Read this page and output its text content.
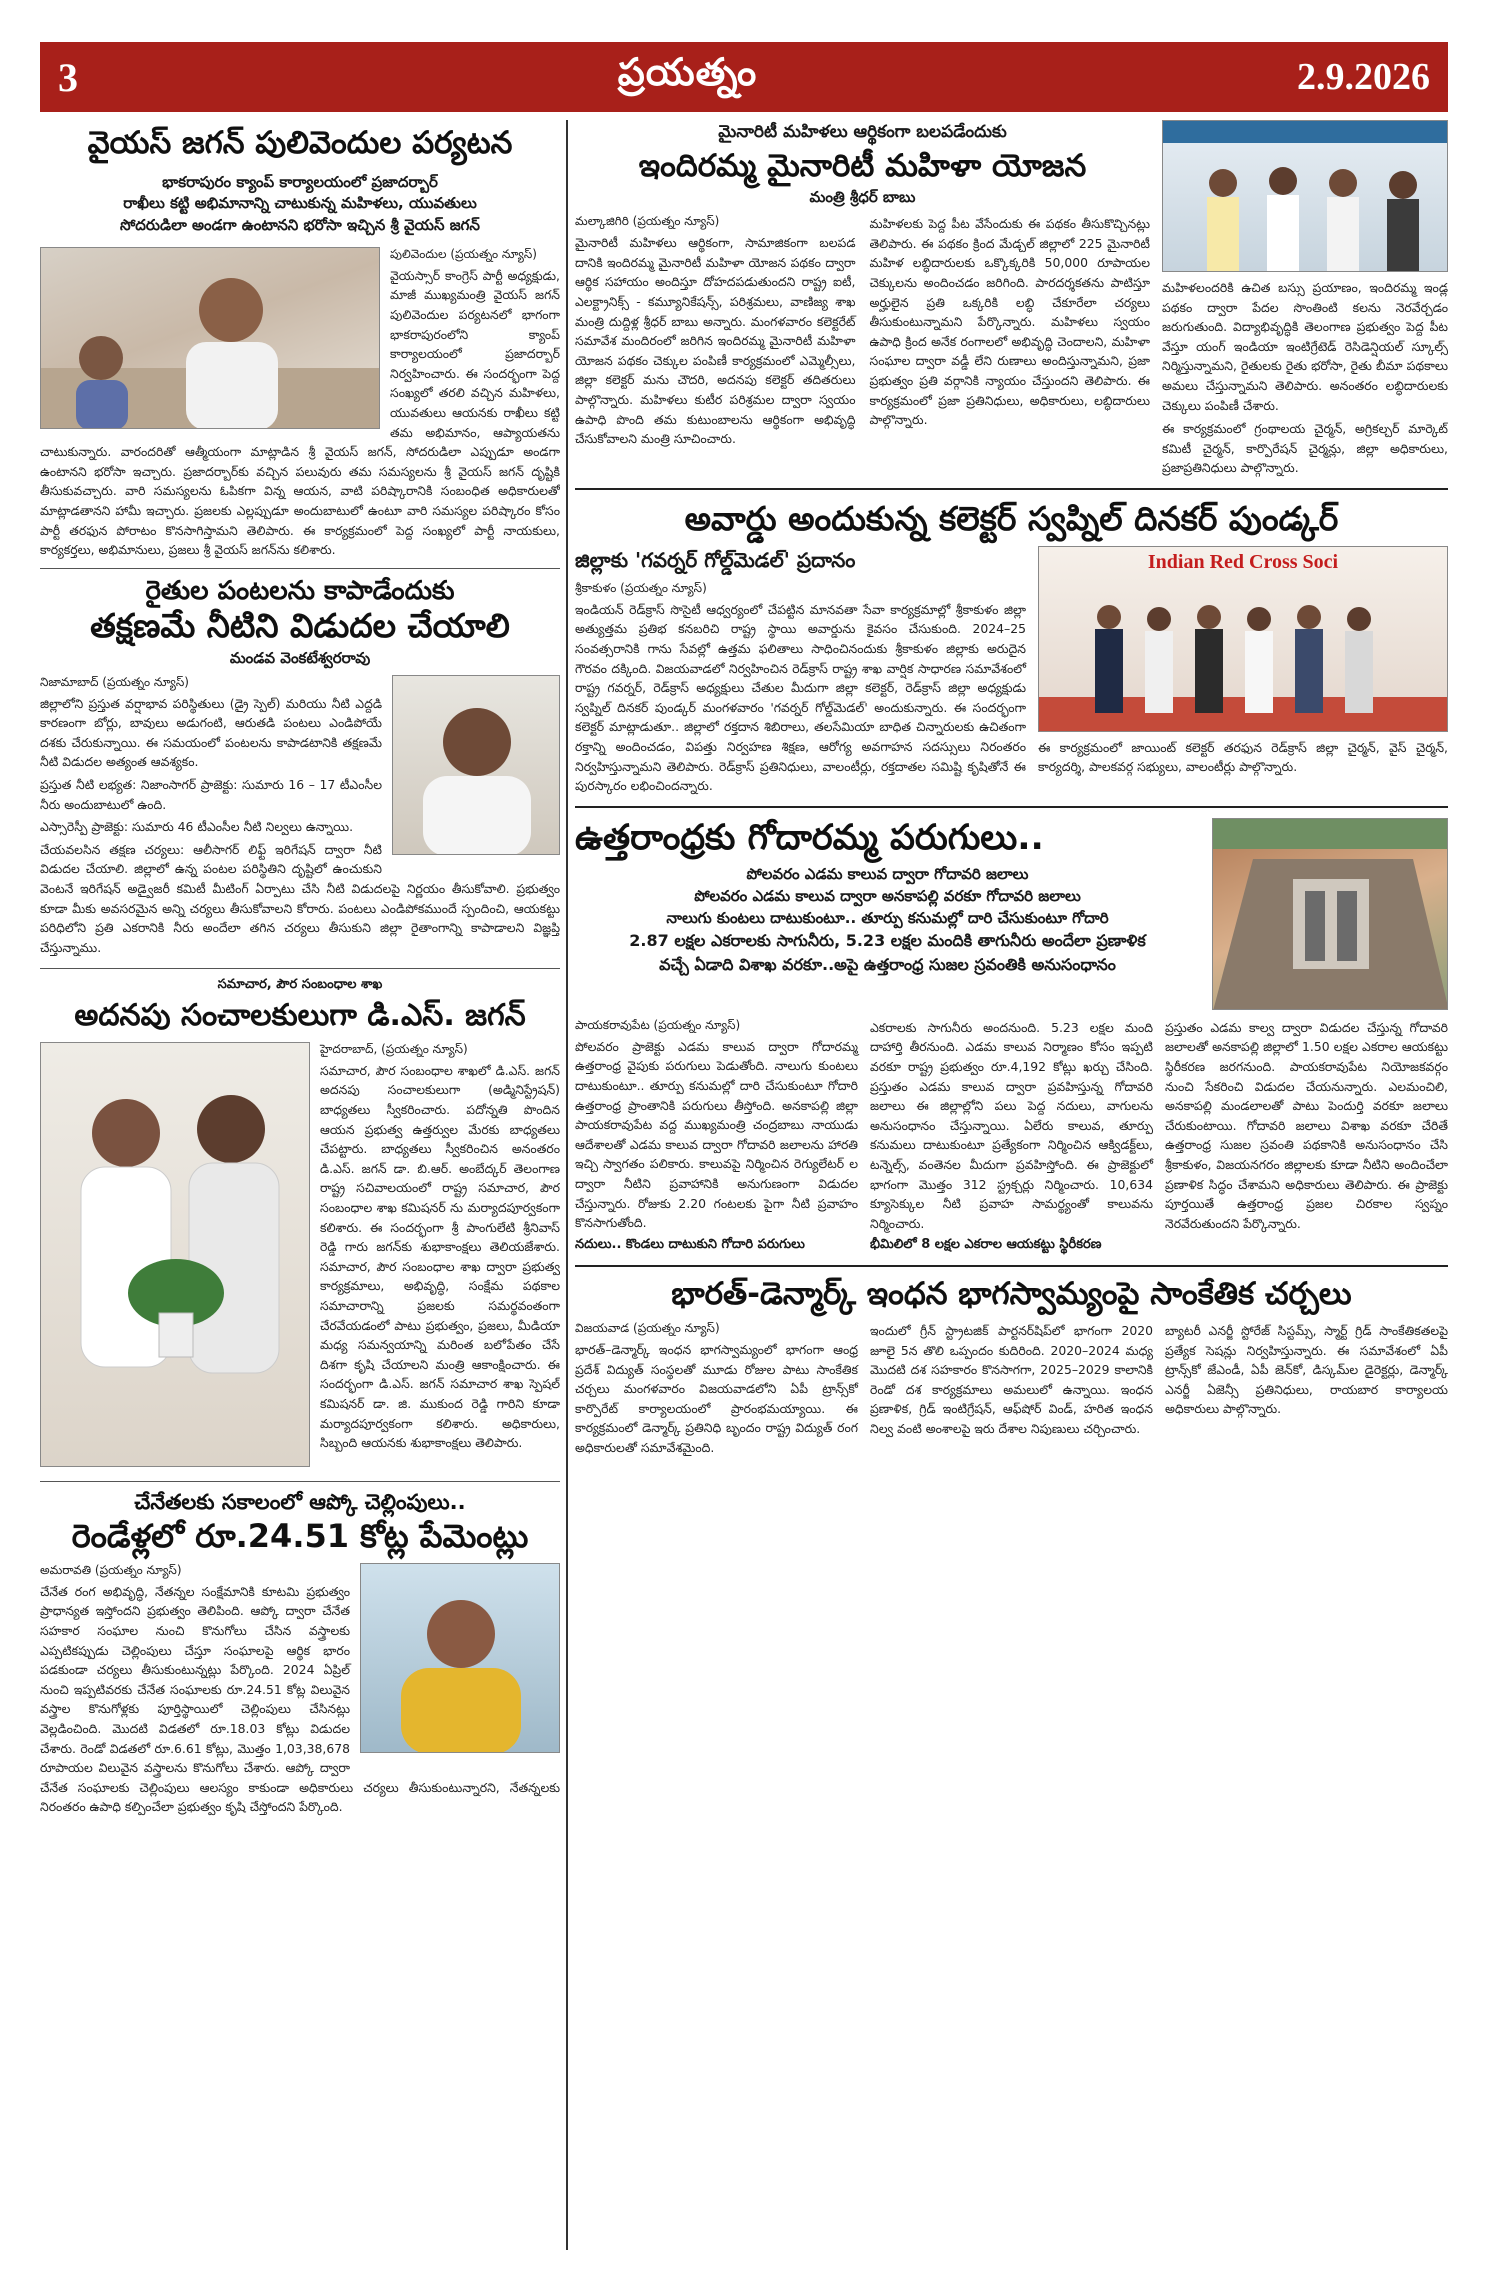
3	ప్రయత్నం	2.9.2026
వైయస్ జగన్ పులివెందుల పర్యటన
భాకరాపురం క్యాంప్ కార్యాలయంలో ప్రజాదర్బార్
రాఖీలు కట్టి అభిమానాన్ని చాటుకున్న మహిళలు, యువతులు
సోదరుడిలా అండగా ఉంటానని భరోసా ఇచ్చిన శ్రీ వైయస్ జగన్
పులివెందుల (ప్రయత్నం న్యూస్)
వైయస్సార్ కాంగ్రెస్ పార్టీ అధ్యక్షుడు, మాజీ ముఖ్యమంత్రి వైయస్ జగన్ పులివెందుల పర్యటనలో భాగంగా భాకరాపురంలోని క్యాంప్ కార్యాలయంలో ప్రజాదర్బార్ నిర్వహించారు. ఈ సందర్భంగా పెద్ద సంఖ్యలో తరలి వచ్చిన మహిళలు, యువతులు ఆయనకు రాఖీలు కట్టి తమ అభిమానం, ఆప్యాయతను చాటుకున్నారు. వారందరితో ఆత్మీయంగా మాట్లాడిన శ్రీ వైయస్ జగన్, సోదరుడిలా ఎప్పుడూ అండగా ఉంటానని భరోసా ఇచ్చారు. ప్రజాదర్బార్‌కు వచ్చిన పలువురు తమ సమస్యలను శ్రీ వైయస్ జగన్ దృష్టికి తీసుకువచ్చారు. వారి సమస్యలను ఓపికగా విన్న ఆయన, వాటి పరిష్కారానికి సంబంధిత అధికారులతో మాట్లాడతానని హామీ ఇచ్చారు. ప్రజలకు ఎల్లప్పుడూ అందుబాటులో ఉంటూ వారి సమస్యల పరిష్కారం కోసం పార్టీ తరఫున పోరాటం కొనసాగిస్తామని తెలిపారు. ఈ కార్యక్రమంలో పెద్ద సంఖ్యలో పార్టీ నాయకులు, కార్యకర్తలు, అభిమానులు, ప్రజలు శ్రీ వైయస్ జగన్‌ను కలిశారు.
రైతుల పంటలను కాపాడేందుకు
తక్షణమే నీటిని విడుదల చేయాలి
మండవ వెంకటేశ్వరరావు
నిజామాబాద్ (ప్రయత్నం న్యూస్)

జిల్లాలోని ప్రస్తుత వర్షాభావ పరిస్థితులు (డ్రై స్పెల్) మరియు నీటి ఎద్దడి కారణంగా బోర్లు, బావులు అడుగంటి, ఆరుతడి పంటలు ఎండిపోయే దశకు చేరుకున్నాయి. ఈ సమయంలో పంటలను కాపాడటానికి తక్షణమే నీటి విడుదల అత్యంత ఆవశ్యకం.

ప్రస్తుత నీటి లభ్యత: నిజాంసాగర్ ప్రాజెక్టు: సుమారు 16 – 17 టీఎంసీల నీరు అందుబాటులో ఉంది.

ఎస్సారెస్పీ ప్రాజెక్టు: సుమారు 46 టీఎంసీల నీటి నిల్వలు ఉన్నాయి.

చేయవలసిన తక్షణ చర్యలు: ఆలీసాగర్ లిఫ్ట్ ఇరిగేషన్ ద్వారా నీటి విడుదల చేయాలి. జిల్లాలో ఉన్న పంటల పరిస్థితిని దృష్టిలో ఉంచుకుని వెంటనే ఇరిగేషన్ అడ్వైజరీ కమిటీ మీటింగ్ ఏర్పాటు చేసి నీటి విడుదలపై నిర్ణయం తీసుకోవాలి. ప్రభుత్వం కూడా మీకు అవసరమైన అన్ని చర్యలు తీసుకోవాలని కోరారు. పంటలు ఎండిపోకముందే స్పందించి, ఆయకట్టు పరిధిలోని ప్రతి ఎకరానికి నీరు అందేలా తగిన చర్యలు తీసుకుని జిల్లా రైతాంగాన్ని కాపాడాలని విజ్ఞప్తి చేస్తున్నాము.

సమాచార, పౌర సంబంధాల శాఖ
అదనపు సంచాలకులుగా డి.ఎస్. జగన్
హైదరాబాద్, (ప్రయత్నం న్యూస్)
సమాచార, పౌర సంబంధాల శాఖలో డి.ఎస్. జగన్ అదనపు సంచాలకులుగా (అడ్మినిస్ట్రేషన్) బాధ్యతలు స్వీకరించారు. పదోన్నతి పొందిన ఆయన ప్రభుత్వ ఉత్తర్వుల మేరకు బాధ్యతలు చేపట్టారు. బాధ్యతలు స్వీకరించిన అనంతరం డి.ఎస్. జగన్ డా. బి.ఆర్. అంబేద్కర్ తెలంగాణ రాష్ట్ర సచివాలయంలో రాష్ట్ర సమాచార, పౌర సంబంధాల శాఖ కమిషనర్ ను మర్యాదపూర్వకంగా కలిశారు. ఈ సందర్భంగా శ్రీ పాంగులేటి శ్రీనివాస్ రెడ్డి గారు జగన్‌కు శుభాకాంక్షలు తెలియజేశారు. సమాచార, పౌర సంబంధాల శాఖ ద్వారా ప్రభుత్వ కార్యక్రమాలు, అభివృద్ధి, సంక్షేమ పథకాల సమాచారాన్ని ప్రజలకు సమర్థవంతంగా చేరవేయడంలో పాటు ప్రభుత్వం, ప్రజలు, మీడియా మధ్య సమన్వయాన్ని మరింత బలోపేతం చేసే దిశగా కృషి చేయాలని మంత్రి ఆకాంక్షించారు. ఈ సందర్భంగా డి.ఎస్. జగన్ సమాచార శాఖ స్పెషల్ కమిషనర్ డా. జి. ముకుంద రెడ్డి గారిని కూడా మర్యాదపూర్వకంగా కలిశారు. అధికారులు, సిబ్బంది ఆయనకు శుభాకాంక్షలు తెలిపారు.
చేనేతలకు సకాలంలో ఆప్కో చెల్లింపులు..
రెండేళ్లలో రూ.24.51 కోట్ల పేమెంట్లు
అమరావతి (ప్రయత్నం న్యూస్)
చేనేత రంగ అభివృద్ధి, నేతన్నల సంక్షేమానికి కూటమి ప్రభుత్వం ప్రాధాన్యత ఇస్తోందని ప్రభుత్వం తెలిపింది. ఆప్కో ద్వారా చేనేత సహకార సంఘాల నుంచి కొనుగోలు చేసిన వస్త్రాలకు ఎప్పటికప్పుడు చెల్లింపులు చేస్తూ సంఘాలపై ఆర్థిక భారం పడకుండా చర్యలు తీసుకుంటున్నట్లు పేర్కొంది. 2024 ఏప్రిల్ నుంచి ఇప్పటివరకు చేనేత సంఘాలకు రూ.24.51 కోట్ల విలువైన వస్త్రాల కొనుగోళ్లకు పూర్తిస్థాయిలో చెల్లింపులు చేసినట్లు వెల్లడించింది. మొదటి విడతలో రూ.18.03 కోట్లు విడుదల చేశారు. రెండో విడతలో రూ.6.61 కోట్లు, మొత్తం 1,03,38,678 రూపాయల విలువైన వస్త్రాలను కొనుగోలు చేశారు. ఆప్కో ద్వారా చేనేత సంఘాలకు చెల్లింపులు ఆలస్యం కాకుండా అధికారులు చర్యలు తీసుకుంటున్నారని, నేతన్నలకు నిరంతరం ఉపాధి కల్పించేలా ప్రభుత్వం కృషి చేస్తోందని పేర్కొంది.
మైనారిటీ మహిళలు ఆర్థికంగా బలపడేందుకు
ఇందిరమ్మ మైనారిటీ మహిళా యోజన
మంత్రి శ్రీధర్ బాబు
మల్కాజిగిరి (ప్రయత్నం న్యూస్)
మైనారిటీ మహిళలు ఆర్థికంగా, సామాజికంగా బలపడ దానికి ఇందిరమ్మ మైనారిటీ మహిళా యోజన పథకం ద్వారా ఆర్థిక సహాయం అందిస్తూ దోహదపడుతుందని రాష్ట్ర ఐటీ, ఎలక్ట్రానిక్స్ - కమ్యూనికేషన్స్, పరిశ్రమలు, వాణిజ్య శాఖ మంత్రి దుద్దిళ్ల శ్రీధర్ బాబు అన్నారు. మంగళవారం కలెక్టరేట్ సమావేశ మందిరంలో జరిగిన ఇందిరమ్మ మైనారిటీ మహిళా యోజన పథకం చెక్కుల పంపిణీ కార్యక్రమంలో ఎమ్మెల్సీలు, జిల్లా కలెక్టర్ మను చౌదరి, అదనపు కలెక్టర్ తదితరులు పాల్గొన్నారు. మహిళలు కుటీర పరిశ్రమల ద్వారా స్వయం ఉపాధి పొంది తమ కుటుంబాలను ఆర్థికంగా అభివృద్ధి చేసుకోవాలని మంత్రి సూచించారు.
మహిళలకు పెద్ద పీట వేసేందుకు ఈ పథకం తీసుకొచ్చినట్లు తెలిపారు. ఈ పథకం క్రింద మేడ్చల్ జిల్లాలో 225 మైనారిటీ మహిళ లబ్ధిదారులకు ఒక్కొక్కరికి 50,000 రూపాయల చెక్కులను అందించడం జరిగింది. పారదర్శకతను పాటిస్తూ అర్హులైన ప్రతి ఒక్కరికి లబ్ధి చేకూరేలా చర్యలు తీసుకుంటున్నామని పేర్కొన్నారు. మహిళలు స్వయం ఉపాధి క్రింద అనేక రంగాలలో అభివృద్ధి చెందాలని, మహిళా సంఘాల ద్వారా వడ్డీ లేని రుణాలు అందిస్తున్నామని, ప్రజా ప్రభుత్వం ప్రతి వర్గానికి న్యాయం చేస్తుందని తెలిపారు. ఈ కార్యక్రమంలో ప్రజా ప్రతినిధులు, అధికారులు, లబ్ధిదారులు పాల్గొన్నారు.
మహిళలందరికి ఉచిత బస్సు ప్రయాణం, ఇందిరమ్మ ఇండ్ల పథకం ద్వారా పేదల సొంతింటి కలను నెరవేర్చడం జరుగుతుంది. విద్యాభివృద్ధికి తెలంగాణ ప్రభుత్వం పెద్ద పీట వేస్తూ యంగ్ ఇండియా ఇంటిగ్రేటెడ్ రెసిడెన్షియల్ స్కూల్స్ నిర్మిస్తున్నామని, రైతులకు రైతు భరోసా, రైతు బీమా పథకాలు అమలు చేస్తున్నామని తెలిపారు. అనంతరం లబ్ధిదారులకు చెక్కులు పంపిణీ చేశారు.
ఈ కార్యక్రమంలో గ్రంథాలయ చైర్మన్, అగ్రికల్చర్ మార్కెట్ కమిటీ చైర్మన్, కార్పొరేషన్ చైర్మన్లు, జిల్లా అధికారులు, ప్రజాప్రతినిధులు పాల్గొన్నారు.
అవార్డు అందుకున్న కలెక్టర్ స్వప్నిల్ దినకర్ పుండ్కర్
జిల్లాకు 'గవర్నర్ గోల్డ్‌మెడల్' ప్రదానం
శ్రీకాకుళం (ప్రయత్నం న్యూస్)
ఇండియన్ రెడ్‌క్రాస్ సొసైటీ ఆధ్వర్యంలో చేపట్టిన మానవతా సేవా కార్యక్రమాల్లో శ్రీకాకుళం జిల్లా అత్యుత్తమ ప్రతిభ కనబరిచి రాష్ట్ర స్థాయి అవార్డును కైవసం చేసుకుంది. 2024–25 సంవత్సరానికి గాను సేవల్లో ఉత్తమ ఫలితాలు సాధించినందుకు శ్రీకాకుళం జిల్లాకు అరుదైన గౌరవం దక్కింది. విజయవాడలో నిర్వహించిన రెడ్‌క్రాస్ రాష్ట్ర శాఖ వార్షిక సాధారణ సమావేశంలో రాష్ట్ర గవర్నర్, రెడ్‌క్రాస్ అధ్యక్షులు చేతుల మీదుగా జిల్లా కలెక్టర్, రెడ్‌క్రాస్ జిల్లా అధ్యక్షుడు స్వప్నిల్ దినకర్ పుండ్కర్ మంగళవారం 'గవర్నర్ గోల్డ్‌మెడల్' అందుకున్నారు. ఈ సందర్భంగా కలెక్టర్ మాట్లాడుతూ.. జిల్లాలో రక్తదాన శిబిరాలు, తలసేమియా బాధిత చిన్నారులకు ఉచితంగా రక్తాన్ని అందించడం, విపత్తు నిర్వహణ శిక్షణ, ఆరోగ్య అవగాహన సదస్సులు నిరంతరం నిర్వహిస్తున్నామని తెలిపారు. రెడ్‌క్రాస్ ప్రతినిధులు, వాలంటీర్లు, రక్తదాతల సమిష్టి కృషితోనే ఈ పురస్కారం లభించిందన్నారు.
Indian Red Cross Soci
ఈ కార్యక్రమంలో జాయింట్ కలెక్టర్ తరఫున రెడ్‌క్రాస్ జిల్లా చైర్మన్, వైస్ చైర్మన్, కార్యదర్శి, పాలకవర్గ సభ్యులు, వాలంటీర్లు పాల్గొన్నారు.
ఉత్తరాంధ్రకు గోదారమ్మ పరుగులు..
పోలవరం ఎడమ కాలువ ద్వారా గోదావరి జలాలు
పోలవరం ఎడమ కాలువ ద్వారా అనకాపల్లి వరకూ గోదావరి జలాలు
నాలుగు కుంటలు దాటుకుంటూ.. తూర్పు కనుమల్లో దారి చేసుకుంటూ గోదారి
2.87 లక్షల ఎకరాలకు సాగునీరు, 5.23 లక్షల మందికి తాగునీరు అందేలా ప్రణాళిక
వచ్చే ఏడాది విశాఖ వరకూ..అపై ఉత్తరాంధ్ర సుజల స్రవంతికి అనుసంధానం
పాయకరావుపేట (ప్రయత్నం న్యూస్)
పోలవరం ప్రాజెక్టు ఎడమ కాలువ ద్వారా గోదారమ్మ ఉత్తరాంధ్ర వైపుకు పరుగులు పెడుతోంది. నాలుగు కుంటలు దాటుకుంటూ.. తూర్పు కనుమల్లో దారి చేసుకుంటూ గోదారి ఉత్తరాంధ్ర ప్రాంతానికి పరుగులు తీస్తోంది. అనకాపల్లి జిల్లా పాయకరావుపేట వద్ద ముఖ్యమంత్రి చంద్రబాబు నాయుడు ఆదేశాలతో ఎడమ కాలువ ద్వారా గోదావరి జలాలను హారతి ఇచ్చి స్వాగతం పలికారు. కాలువపై నిర్మించిన రెగ్యులేటర్ ల ద్వారా నీటిని ప్రవాహానికి అనుగుణంగా విడుదల చేస్తున్నారు. రోజుకు 2.20 గంటలకు పైగా నీటి ప్రవాహం కొనసాగుతోంది.
నదులు.. కొండలు దాటుకుని గోదారి పరుగులు
ఎకరాలకు సాగునీరు అందనుంది. 5.23 లక్షల మంది దాహార్తి తీరనుంది. ఎడమ కాలువ నిర్మాణం కోసం ఇప్పటి వరకూ రాష్ట్ర ప్రభుత్వం రూ.4,192 కోట్లు ఖర్చు చేసింది. ప్రస్తుతం ఎడమ కాలువ ద్వారా ప్రవహిస్తున్న గోదావరి జలాలు ఈ జిల్లాల్లోని పలు పెద్ద నదులు, వాగులను అనుసంధానం చేస్తున్నాయి. ఏలేరు కాలువ, తూర్పు కనుమలు దాటుకుంటూ ప్రత్యేకంగా నిర్మించిన ఆక్విడక్ట్‌లు, టన్నెల్స్, వంతెనల మీదుగా ప్రవహిస్తోంది. ఈ ప్రాజెక్టులో భాగంగా మొత్తం 312 స్ట్రక్చర్లు నిర్మించారు. 10,634 క్యూసెక్కుల నీటి ప్రవాహ సామర్థ్యంతో కాలువను నిర్మించారు.
భీమిలిలో 8 లక్షల ఎకరాల ఆయకట్టు స్థిరీకరణ
ప్రస్తుతం ఎడమ కాల్వ ద్వారా విడుదల చేస్తున్న గోదావరి జలాలతో అనకాపల్లి జిల్లాలో 1.50 లక్షల ఎకరాల ఆయకట్టు స్థిరీకరణ జరగనుంది. పాయకరావుపేట నియోజకవర్గం నుంచి సేకరించి విడుదల చేయనున్నారు. ఎలమంచిలి, అనకాపల్లి మండలాలతో పాటు పెందుర్తి వరకూ జలాలు చేరుకుంటాయి. గోదావరి జలాలు విశాఖ వరకూ చేరితే ఉత్తరాంధ్ర సుజల స్రవంతి పథకానికి అనుసంధానం చేసి శ్రీకాకుళం, విజయనగరం జిల్లాలకు కూడా నీటిని అందించేలా ప్రణాళిక సిద్ధం చేశామని అధికారులు తెలిపారు. ఈ ప్రాజెక్టు పూర్తయితే ఉత్తరాంధ్ర ప్రజల చిరకాల స్వప్నం నెరవేరుతుందని పేర్కొన్నారు.
భారత్-డెన్మార్క్ ఇంధన భాగస్వామ్యంపై సాంకేతిక చర్చలు
విజయవాడ (ప్రయత్నం న్యూస్)
భారత్–డెన్మార్క్ ఇంధన భాగస్వామ్యంలో భాగంగా ఆంధ్ర ప్రదేశ్ విద్యుత్ సంస్థలతో మూడు రోజుల పాటు సాంకేతిక చర్చలు మంగళవారం విజయవాడలోని ఏపీ ట్రాన్స్‌కో కార్పొరేట్ కార్యాలయంలో ప్రారంభమయ్యాయి. ఈ కార్యక్రమంలో డెన్మార్క్ ప్రతినిధి బృందం రాష్ట్ర విద్యుత్ రంగ అధికారులతో సమావేశమైంది.
ఇందులో గ్రీన్ స్ట్రాటజిక్ పార్టనర్‌షిప్‌లో భాగంగా 2020 జూలై 5న తొలి ఒప్పందం కుదిరింది. 2020–2024 మధ్య మొదటి దశ సహకారం కొనసాగగా, 2025–2029 కాలానికి రెండో దశ కార్యక్రమాలు అమలులో ఉన్నాయి. ఇంధన ప్రణాళిక, గ్రిడ్ ఇంటిగ్రేషన్, ఆఫ్‌షోర్ విండ్, హరిత ఇంధన నిల్వ వంటి అంశాలపై ఇరు దేశాల నిపుణులు చర్చించారు.
బ్యాటరీ ఎనర్జీ స్టోరేజ్ సిస్టమ్స్, స్మార్ట్ గ్రిడ్ సాంకేతికతలపై ప్రత్యేక సెషన్లు నిర్వహిస్తున్నారు. ఈ సమావేశంలో ఏపీ ట్రాన్స్‌కో జేఎండీ, ఏపీ జెన్‌కో, డిస్కమ్‌ల డైరెక్టర్లు, డెన్మార్క్ ఎనర్జీ ఏజెన్సీ ప్రతినిధులు, రాయబార కార్యాలయ అధికారులు పాల్గొన్నారు.
